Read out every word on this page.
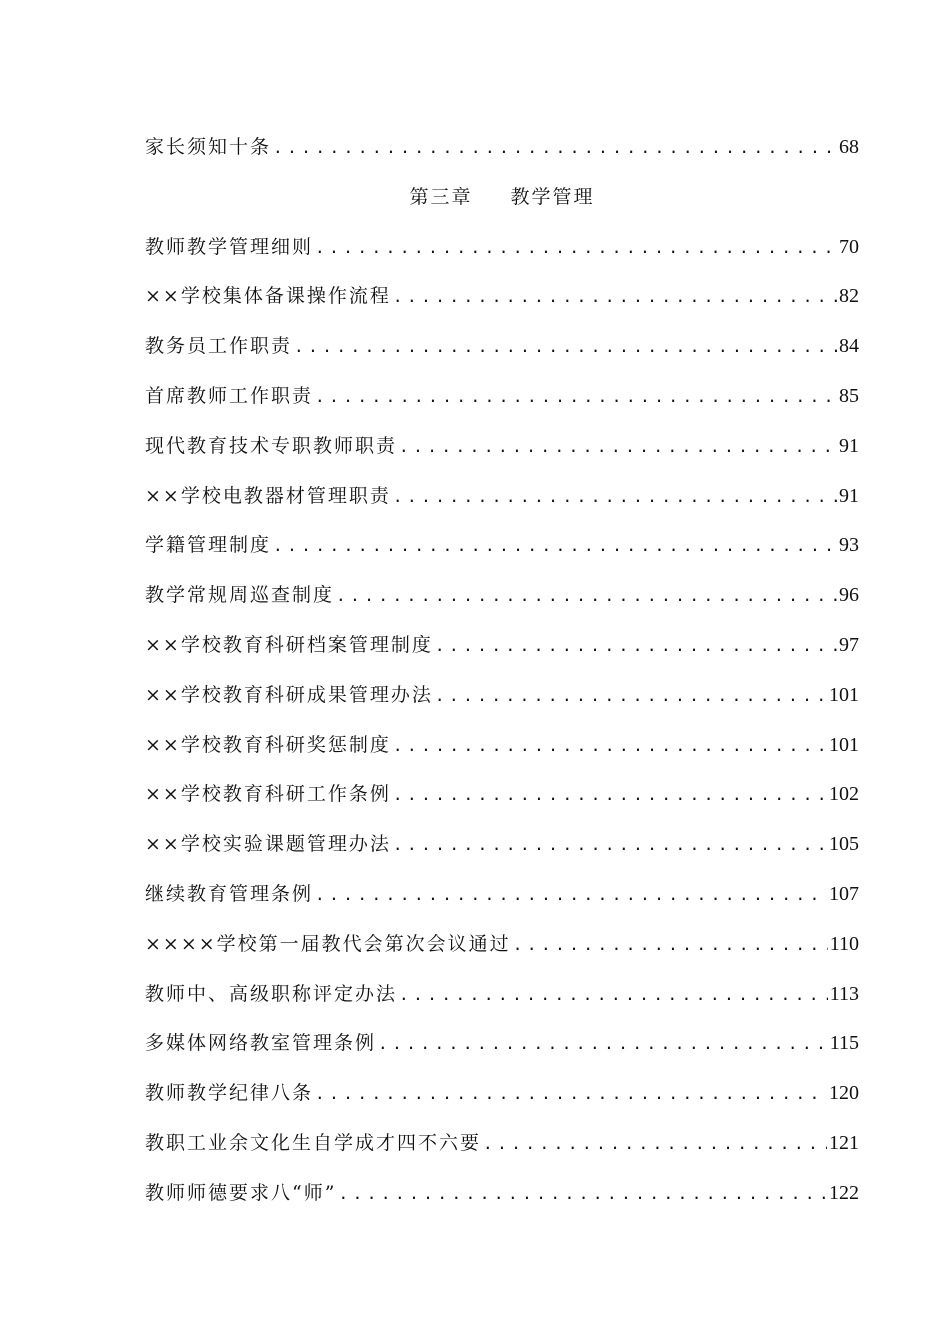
家长须知十条 .....	68
第三章 教学管理
教师教学管理细则 .....	70
××学校集体备课操作流程 .....	82
教务员工作职责 .....	84
首席教师工作职责 .....	85
现代教育技术专职教师职责 .....	91
××学校电教器材管理职责 .....	91
学籍管理制度 .....	93
教学常规周巡查制度 .....	96
××学校教育科研档案管理制度 .....	97
××学校教育科研成果管理办法 .....	101
××学校教育科研奖惩制度 .....	101
××学校教育科研工作条例 .....	102
××学校实验课题管理办法 .....	105
继续教育管理条例 .....	107
××××学校第一届教代会第次会议通过 .....	110
教师中、高级职称评定办法 .....	113
多媒体网络教室管理条例 .....	115
教师教学纪律八条 .....	120
教职工业余文化生自学成才四不六要 .....	121
教师师德要求八“师” .....	122
